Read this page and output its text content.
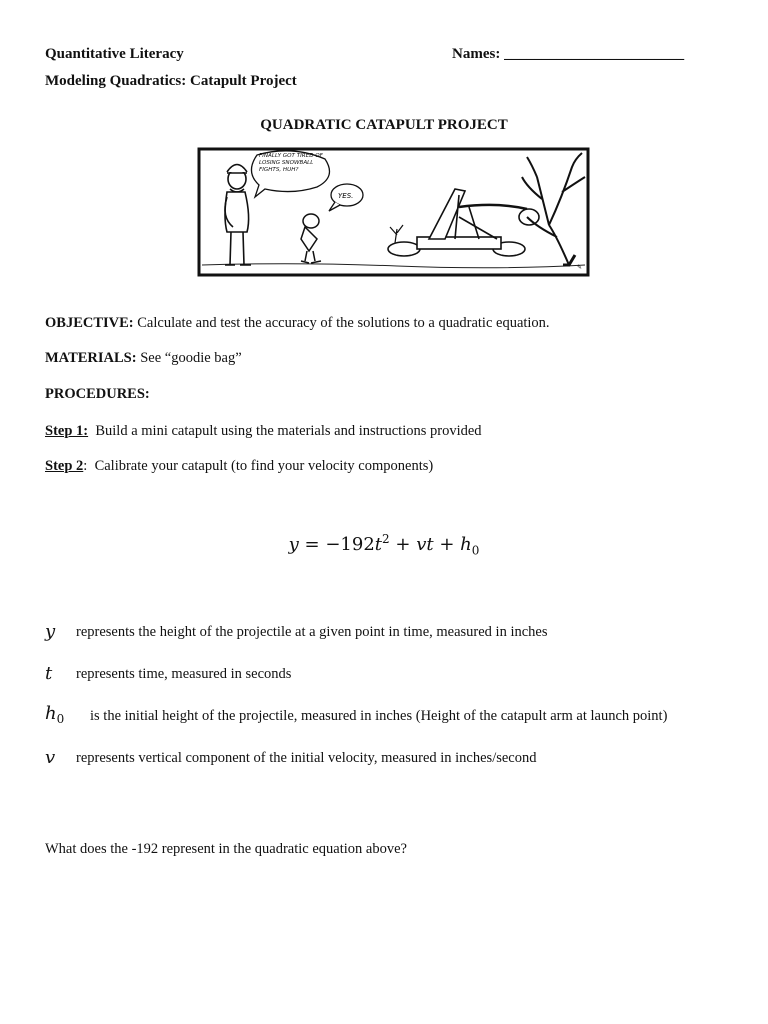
Quantitative Literacy	Names: ________________________
Modeling Quadratics: Catapult Project
QUADRATIC CATAPULT PROJECT
FINALLY GOT TIRED OF LOSING SNOWBALL FIGHTS, HUH?
YES.
✎
OBJECTIVE: Calculate and test the accuracy of the solutions to a quadratic equation.
MATERIALS: See “goodie bag”
PROCEDURES:
Step 1: Build a mini catapult using the materials and instructions provided
Step 2: Calibrate your catapult (to find your velocity components)
$y = -192t^2$ + vt + $h_0$
y represents the height of the projectile at a given point in time, measured in inches
t represents time, measured in seconds
$h_0$ is the initial height of the projectile, measured in inches (Height of the catapult arm at launch point)
v represents vertical component of the initial velocity, measured in inches/second
What does the -192 represent in the quadratic equation above?
